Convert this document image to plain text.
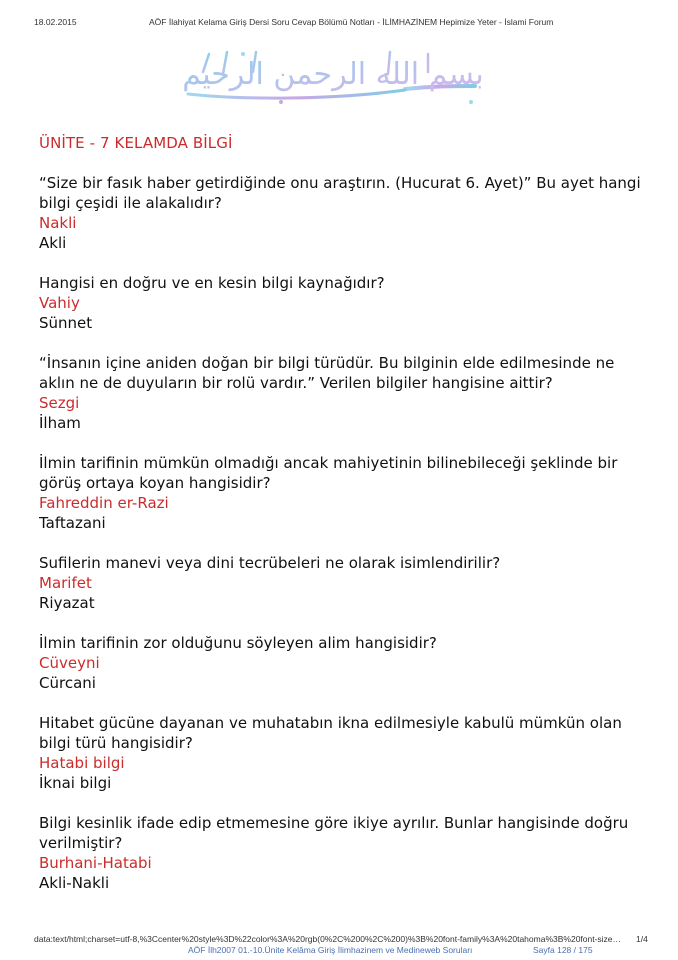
18.02.2015	AÖF İlahiyat Kelama Giriş Dersi Soru Cevap Bölümü Notları - İLİMHAZİNEM Hepimize Yeter - İslami Forum
بسم الله الرحمن الرحيم
ÜNİTE - 7 KELAMDA BİLGİ

“Size bir fasık haber getirdiğinde onu araştırın. (Hucurat 6. Ayet)” Bu ayet hangi bilgi çeşidi ile alakalıdır?

Nakli

Akli

Hangisi en doğru ve en kesin bilgi kaynağıdır?

Vahiy

Sünnet

“İnsanın içine aniden doğan bir bilgi türüdür. Bu bilginin elde edilmesinde ne aklın ne de duyuların bir rolü vardır.” Verilen bilgiler hangisine aittir?

Sezgi

İlham

İlmin tarifinin mümkün olmadığı ancak mahiyetinin bilinebileceği şeklinde bir görüş ortaya koyan hangisidir?

Fahreddin er-Razi

Taftazani

Sufilerin manevi veya dini tecrübeleri ne olarak isimlendirilir?

Marifet

Riyazat

İlmin tarifinin zor olduğunu söyleyen alim hangisidir?

Cüveyni

Cürcani

Hitabet gücüne dayanan ve muhatabın ikna edilmesiyle kabulü mümkün olan bilgi türü hangisidir?

Hatabi bilgi

İknai bilgi

Bilgi kesinlik ifade edip etmemesine göre ikiye ayrılır. Bunlar hangisinde doğru verilmiştir?

Burhani-Hatabi

Akli-Nakli

data:text/html;charset=utf-8,%3Ccenter%20style%3D%22color%3A%20rgb(0%2C%200%2C%200)%3B%20font-family%3A%20tahoma%3B%20font-size…	1/4
AÖF İlh2007 01.-10.Ünite Kelâma Giriş İlimhazinem ve Medineweb Soruları	Sayfa 128 / 175
